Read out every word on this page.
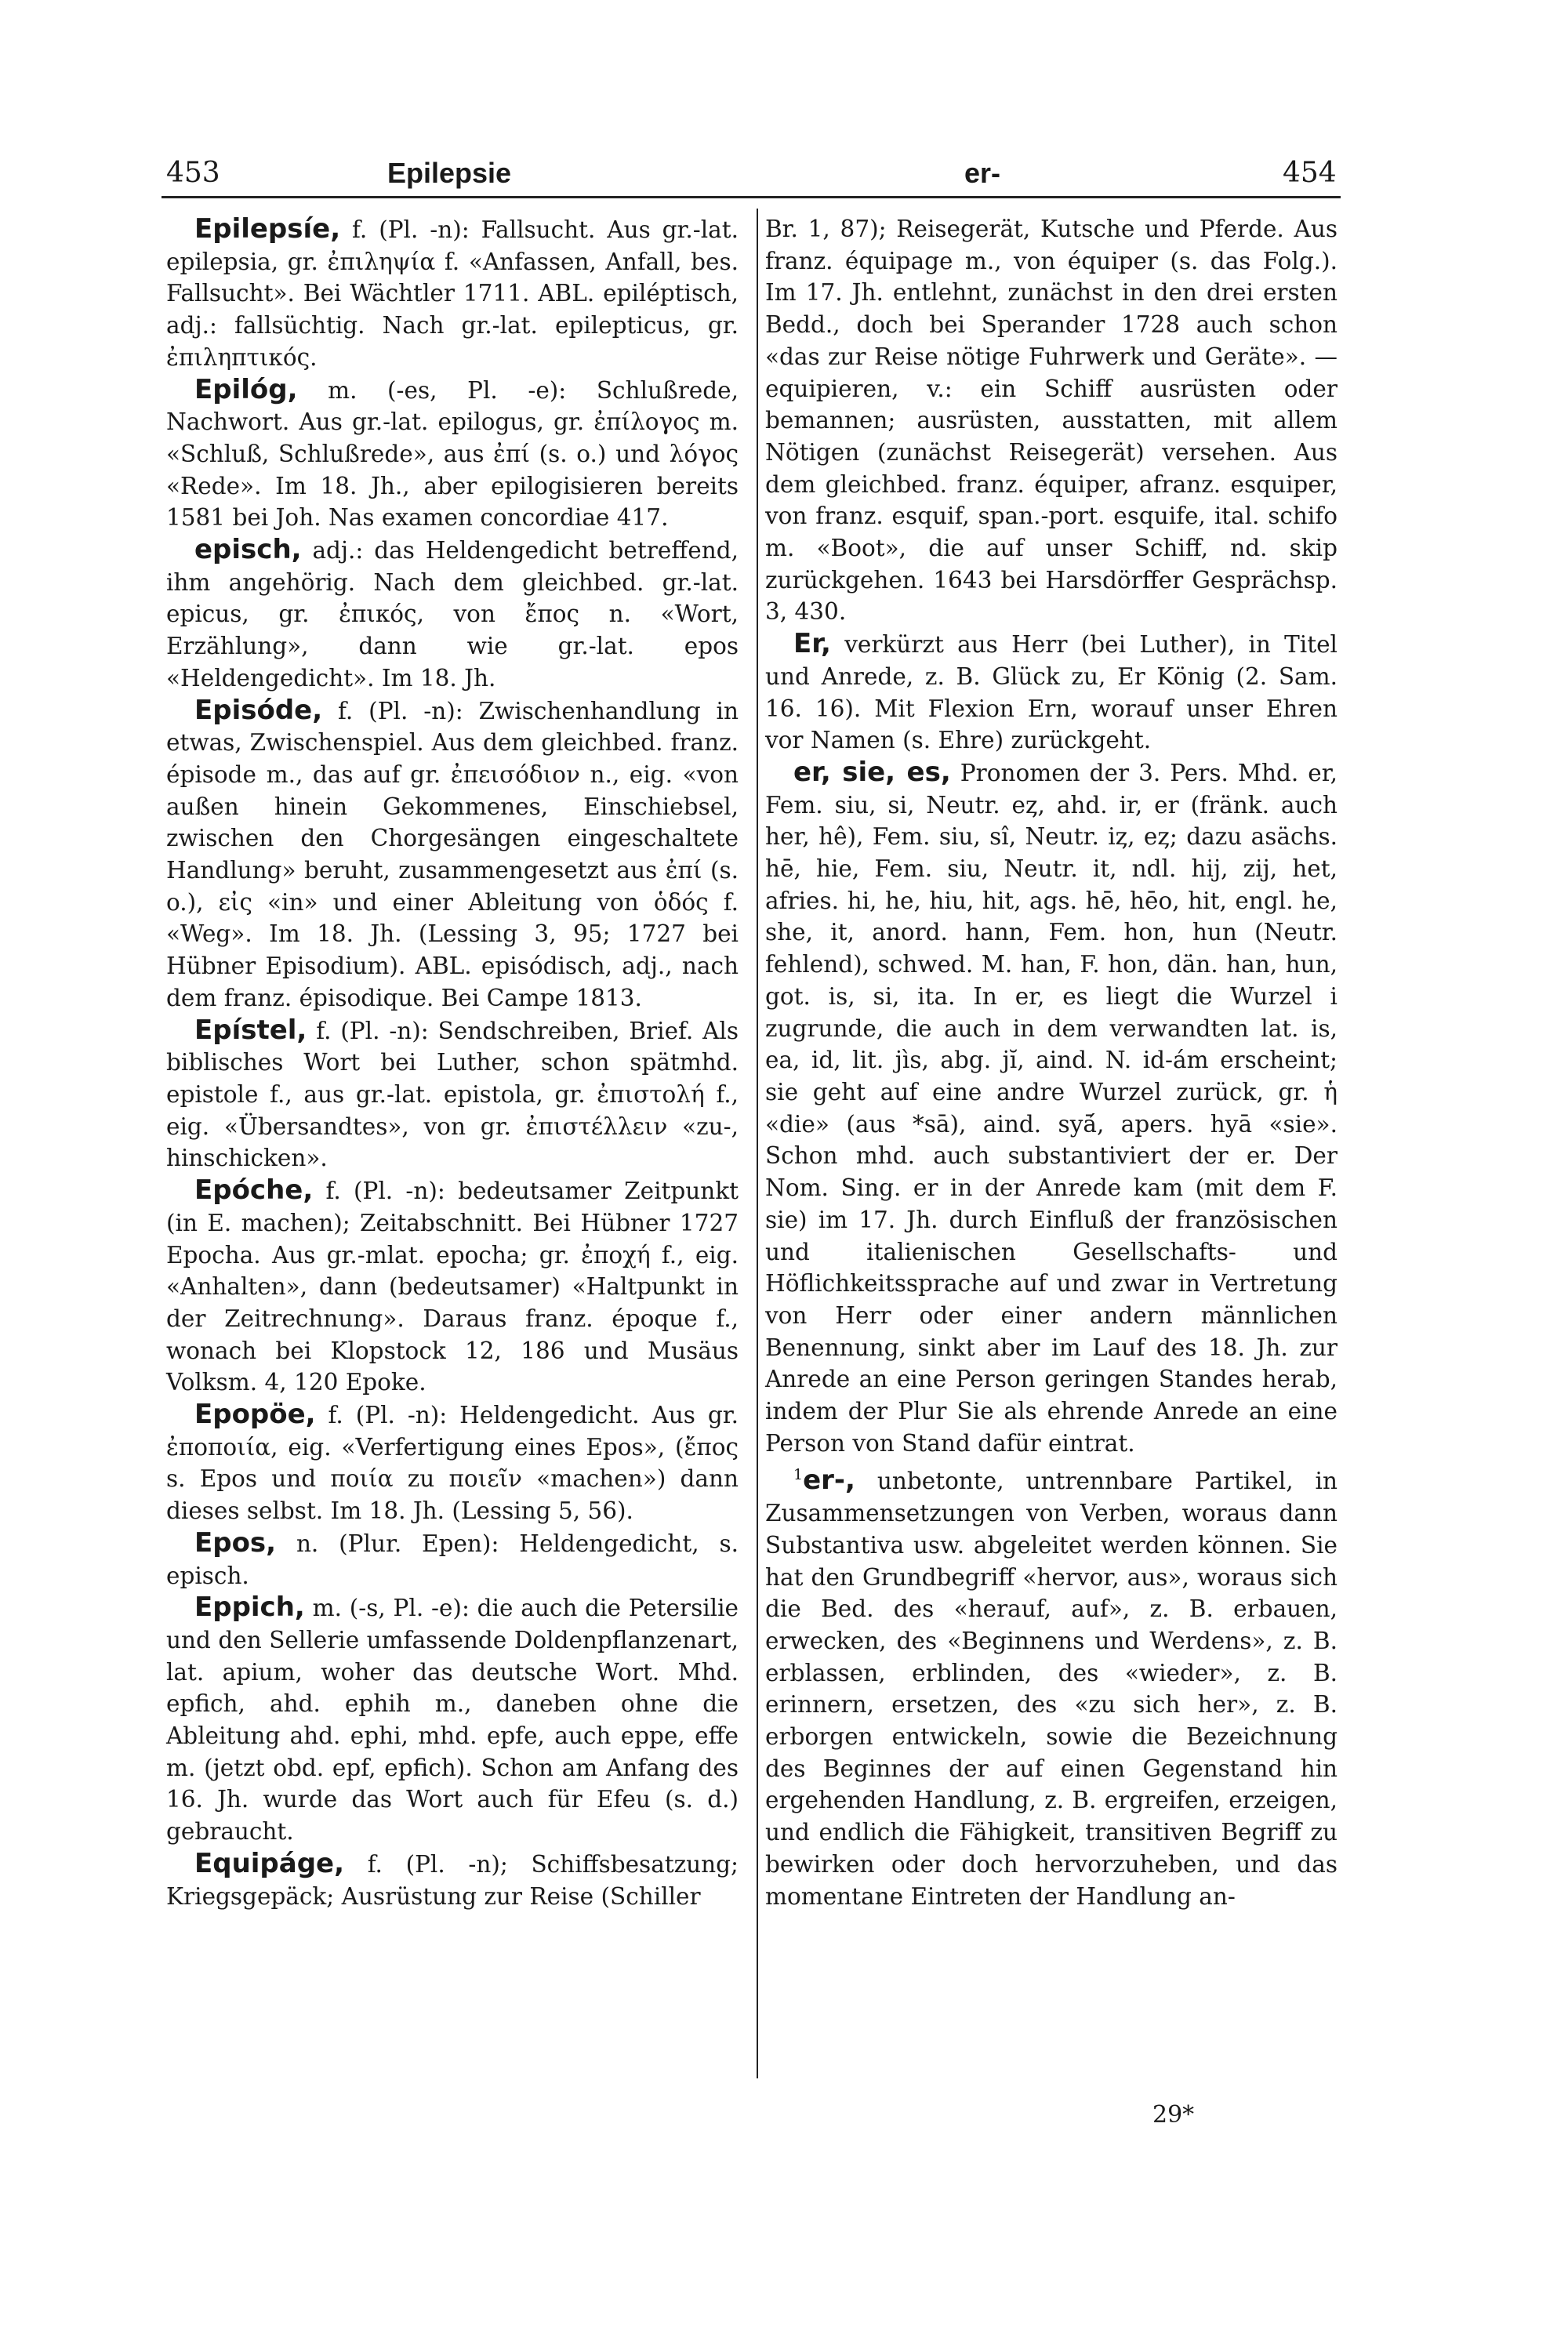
453	Epilepsie	er-	454

Epilepsíe, f. (Pl. -n): Fallsucht. Aus gr.-lat. epilepsia, gr. ἐπιληψία f. «Anfassen, Anfall, bes. Fallsucht». Bei Wächtler 1711. ABL. epiléptisch, adj.: fallsüchtig. Nach gr.-lat. epilepticus, gr. ἐπιληπτικός.

Epilóg, m. (-es, Pl. -e): Schlußrede, Nachwort. Aus gr.-lat. epilogus, gr. ἐπίλογος m. «Schluß, Schlußrede», aus ἐπί (s. o.) und λόγος «Rede». Im 18. Jh., aber epilogisieren bereits 1581 bei Joh. Nas examen concordiae 417.

episch, adj.: das Heldengedicht betreffend, ihm angehörig. Nach dem gleichbed. gr.-lat. epicus, gr. ἐπικός, von ἔπος n. «Wort, Erzählung», dann wie gr.-lat. epos «Heldengedicht». Im 18. Jh.

Episóde, f. (Pl. -n): Zwischenhandlung in etwas, Zwischenspiel. Aus dem gleichbed. franz. épisode m., das auf gr. ἐπεισόδιον n., eig. «von außen hinein Gekommenes, Einschiebsel, zwischen den Chorgesängen eingeschaltete Handlung» beruht, zusammengesetzt aus ἐπί (s. o.), εἰς «in» und einer Ableitung von ὁδός f. «Weg». Im 18. Jh. (Lessing 3, 95; 1727 bei Hübner Episodium). ABL. episódisch, adj., nach dem franz. épisodique. Bei Campe 1813.

Epístel, f. (Pl. -n): Sendschreiben, Brief. Als biblisches Wort bei Luther, schon spätmhd. epistole f., aus gr.-lat. epistola, gr. ἐπιστολή f., eig. «Übersandtes», von gr. ἐπιστέλλειν «zu-, hinschicken».

Epóche, f. (Pl. -n): bedeutsamer Zeitpunkt (in E. machen); Zeitabschnitt. Bei Hübner 1727 Epocha. Aus gr.-mlat. epocha; gr. ἐποχή f., eig. «Anhalten», dann (bedeutsamer) «Haltpunkt in der Zeitrechnung». Daraus franz. époque f., wonach bei Klopstock 12, 186 und Musäus Volksm. 4, 120 Epoke.

Epopöe, f. (Pl. -n): Heldengedicht. Aus gr. ἐποποιία, eig. «Verfertigung eines Epos», (ἔπος s. Epos und ποιία zu ποιεῖν «machen») dann dieses selbst. Im 18. Jh. (Lessing 5, 56).

Epos, n. (Plur. Epen): Heldengedicht, s. episch.

Eppich, m. (-s, Pl. -e): die auch die Petersilie und den Sellerie umfassende Doldenpflanzenart, lat. apium, woher das deutsche Wort. Mhd. epfich, ahd. ephih m., daneben ohne die Ableitung ahd. ephi, mhd. epfe, auch eppe, effe m. (jetzt obd. epf, epfich). Schon am Anfang des 16. Jh. wurde das Wort auch für Efeu (s. d.) gebraucht.

Equipáge, f. (Pl. -n); Schiffsbesatzung; Kriegsgepäck; Ausrüstung zur Reise (Schiller

Br. 1, 87); Reisegerät, Kutsche und Pferde. Aus franz. équipage m., von équiper (s. das Folg.). Im 17. Jh. entlehnt, zunächst in den drei ersten Bedd., doch bei Sperander 1728 auch schon «das zur Reise nötige Fuhrwerk und Geräte». — equipieren, v.: ein Schiff ausrüsten oder bemannen; ausrüsten, ausstatten, mit allem Nötigen (zunächst Reisegerät) versehen. Aus dem gleichbed. franz. équiper, afranz. esquiper, von franz. esquif, span.-port. esquife, ital. schifo m. «Boot», die auf unser Schiff, nd. skip zurückgehen. 1643 bei Harsdörffer Gesprächsp. 3, 430.

Er, verkürzt aus Herr (bei Luther), in Titel und Anrede, z. B. Glück zu, Er König (2. Sam. 16. 16). Mit Flexion Ern, worauf unser Ehren vor Namen (s. Ehre) zurückgeht.

er, sie, es, Pronomen der 3. Pers. Mhd. er, Fem. siu, si, Neutr. eȥ, ahd. ir, er (fränk. auch her, hê), Fem. siu, sî, Neutr. iȥ, eȥ; dazu asächs. hē, hie, Fem. siu, Neutr. it, ndl. hij, zij, het, afries. hi, he, hiu, hit, ags. hē, hēo, hit, engl. he, she, it, anord. hann, Fem. hon, hun (Neutr. fehlend), schwed. M. han, F. hon, dän. han, hun, got. is, si, ita. In er, es liegt die Wurzel i zugrunde, die auch in dem verwandten lat. is, ea, id, lit. jìs, abg. jĭ, aind. N. id-ám erscheint; sie geht auf eine andre Wurzel zurück, gr. ἡ «die» (aus *sā), aind. syā́, apers. hyā «sie». Schon mhd. auch substantiviert der er. Der Nom. Sing. er in der Anrede kam (mit dem F. sie) im 17. Jh. durch Einfluß der französischen und italienischen Gesellschafts- und Höflichkeitssprache auf und zwar in Vertretung von Herr oder einer andern männlichen Benennung, sinkt aber im Lauf des 18. Jh. zur Anrede an eine Person geringen Standes herab, indem der Plur Sie als ehrende Anrede an eine Person von Stand dafür eintrat.

$^1$er-, unbetonte, untrennbare Partikel, in Zusammensetzungen von Verben, woraus dann Substantiva usw. abgeleitet werden können. Sie hat den Grundbegriff «hervor, aus», woraus sich die Bed. des «herauf, auf», z. B. erbauen, erwecken, des «Beginnens und Werdens», z. B. erblassen, erblinden, des «wieder», z. B. erinnern, ersetzen, des «zu sich her», z. B. erborgen entwickeln, sowie die Bezeichnung des Beginnes der auf einen Gegenstand hin ergehenden Handlung, z. B. ergreifen, erzeigen, und endlich die Fähigkeit, transitiven Begriff zu bewirken oder doch hervorzuheben, und das momentane Eintreten der Handlung an-

29*
